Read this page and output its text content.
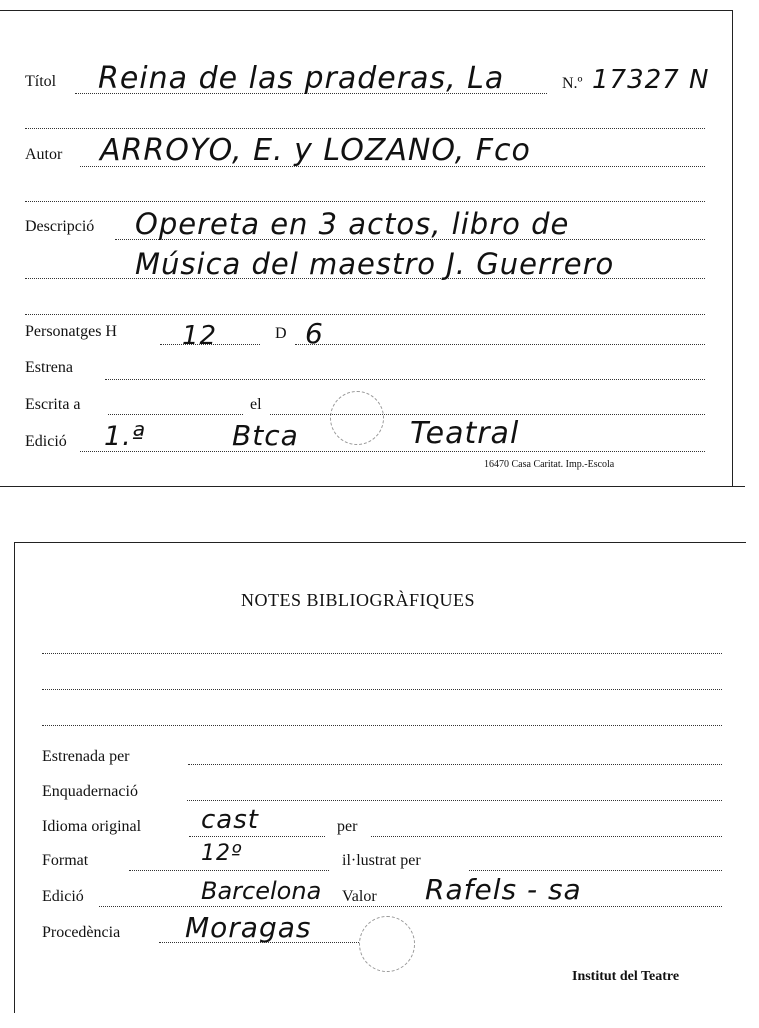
Títol Reina de las praderas, La	N.º 17327 N
Autor ARROYO, E. y LOZANO, Fco
Descripció Opereta en 3 actos, libro de
Música del maestro J. Guerrero
Personatges H	12	D 6
Estrena
Escrita a	el
Edició 1.ª	Btca	Teatral
16470 Casa Caritat. Imp.-Escola
NOTES BIBLIOGRÀFIQUES
Estrenada per
Enquadernació
Idioma original cast	per
Format	12º	il·lustrat per
Edició	Barcelona Valor Rafels - sa
Procedència Moragas
Institut del Teatre
